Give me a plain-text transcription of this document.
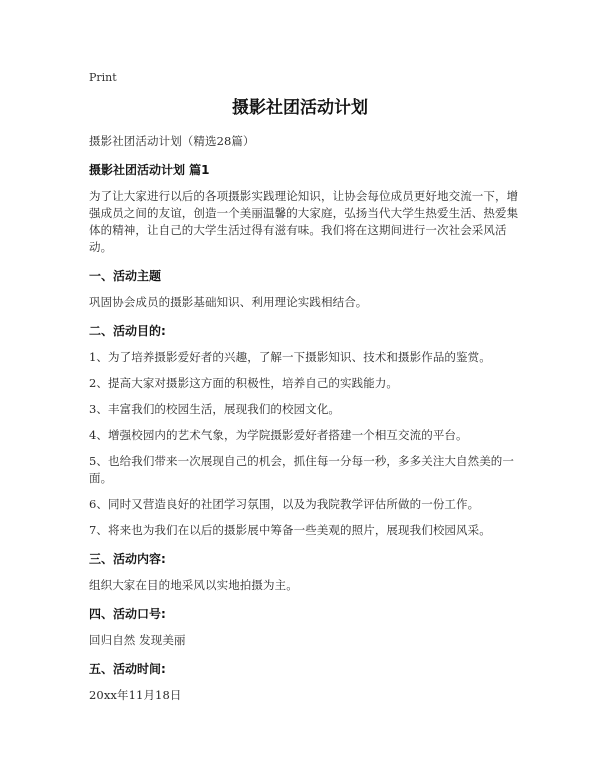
Print
摄影社团活动计划

摄影社团活动计划（精选28篇）

摄影社团活动计划 篇1

为了让大家进行以后的各项摄影实践理论知识，让协会每位成员更好地交流一下，增强成员之间的友谊，创造一个美丽温馨的大家庭，弘扬当代大学生热爱生活、热爱集体的精神，让自己的大学生活过得有滋有味。我们将在这期间进行一次社会采风活动。

一、活动主题

巩固协会成员的摄影基础知识、利用理论实践相结合。

二、活动目的:

1、为了培养摄影爱好者的兴趣，了解一下摄影知识、技术和摄影作品的鉴赏。

2、提高大家对摄影这方面的积极性，培养自己的实践能力。

3、丰富我们的校园生活，展现我们的校园文化。

4、增强校园内的艺术气象，为学院摄影爱好者搭建一个相互交流的平台。

5、也给我们带来一次展现自己的机会，抓住每一分每一秒，多多关注大自然美的一面。

6、同时又营造良好的社团学习氛围，以及为我院教学评估所做的一份工作。

7、将来也为我们在以后的摄影展中筹备一些美观的照片，展现我们校园风采。

三、活动内容:

组织大家在目的地采风以实地拍摄为主。

四、活动口号:

回归自然 发现美丽

五、活动时间:

20xx年11月18日
